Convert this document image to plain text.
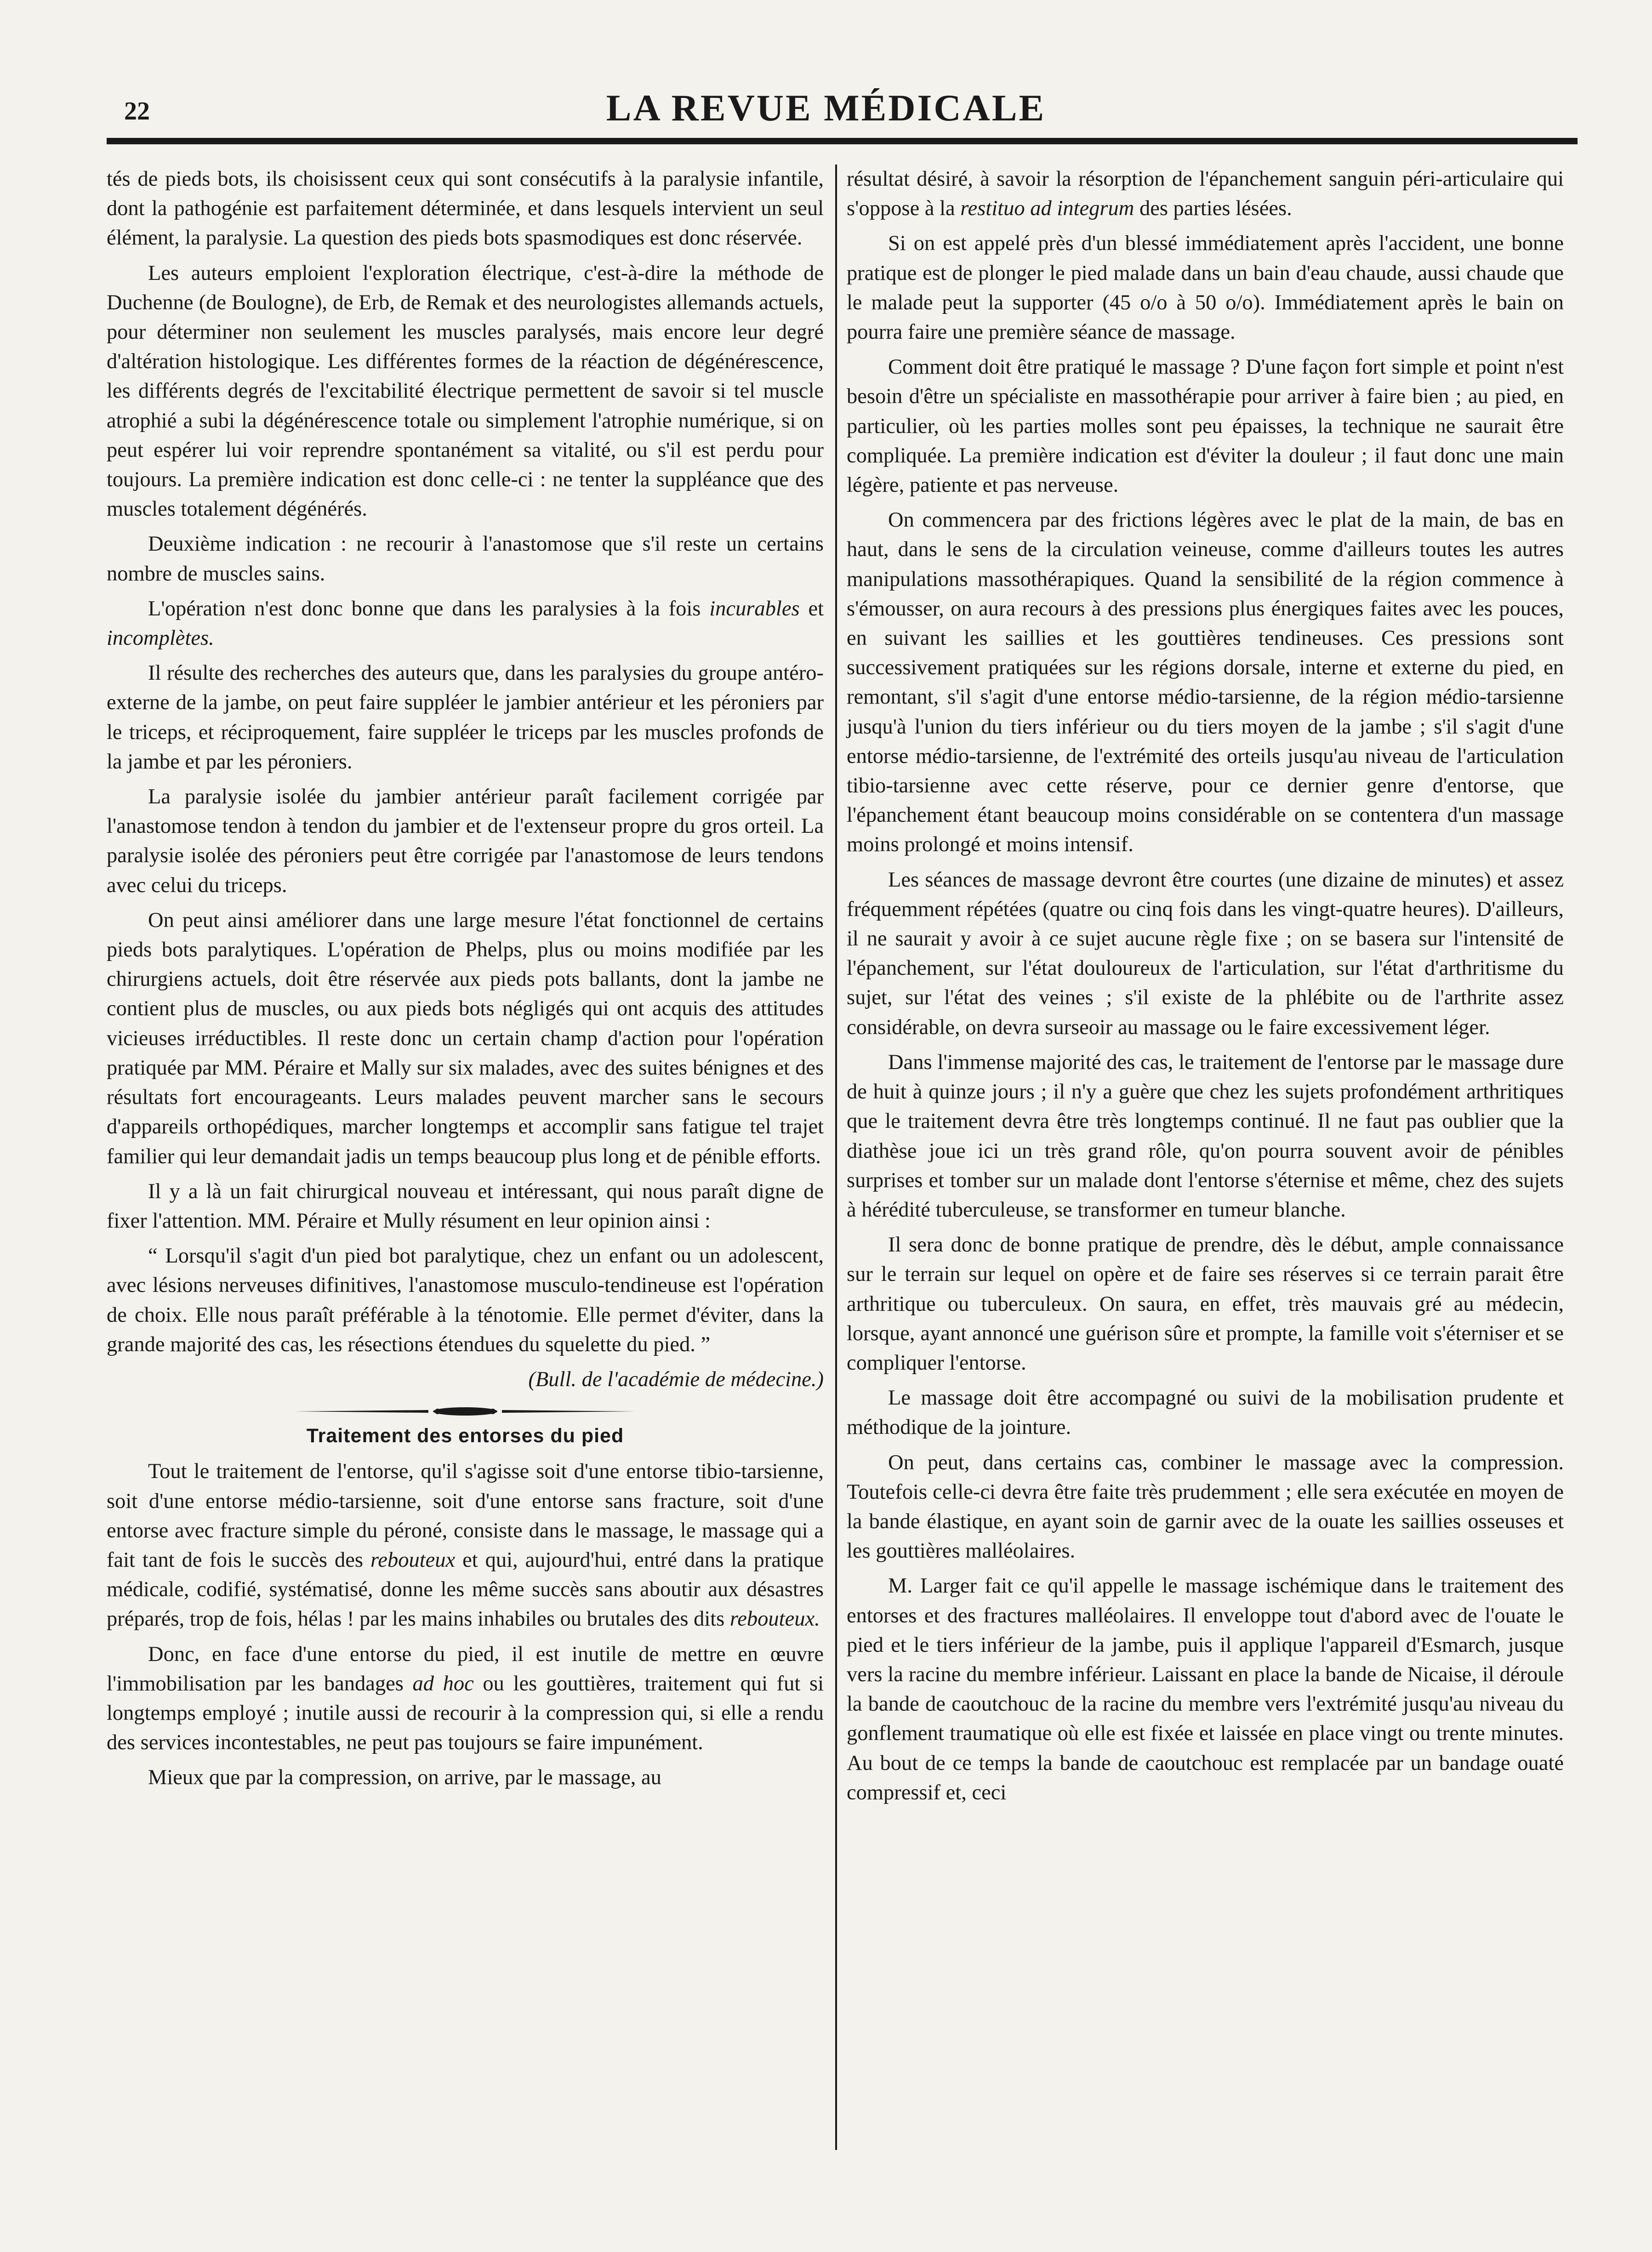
22	LA REVUE MÉDICALE

tés de pieds bots, ils choisissent ceux qui sont consécutifs à la paralysie infantile, dont la pathogénie est parfaitement déterminée, et dans lesquels intervient un seul élément, la paralysie. La question des pieds bots spasmodiques est donc réservée.

Les auteurs emploient l'exploration électrique, c'est-à-dire la méthode de Duchenne (de Boulogne), de Erb, de Remak et des neurologistes allemands actuels, pour déterminer non seulement les muscles paralysés, mais encore leur degré d'altération histologique. Les différentes formes de la réaction de dégénérescence, les différents degrés de l'excitabilité électrique permettent de savoir si tel muscle atrophié a subi la dégénérescence totale ou simplement l'atrophie numérique, si on peut espérer lui voir reprendre spontanément sa vitalité, ou s'il est perdu pour toujours. La première indication est donc celle-ci : ne tenter la suppléance que des muscles totalement dégénérés.

Deuxième indication : ne recourir à l'anastomose que s'il reste un certains nombre de muscles sains.

L'opération n'est donc bonne que dans les paralysies à la fois incurables et incomplètes.

Il résulte des recherches des auteurs que, dans les paralysies du groupe antéro-externe de la jambe, on peut faire suppléer le jambier antérieur et les péroniers par le triceps, et réciproquement, faire suppléer le triceps par les muscles profonds de la jambe et par les péroniers.

La paralysie isolée du jambier antérieur paraît facilement corrigée par l'anastomose tendon à tendon du jambier et de l'extenseur propre du gros orteil. La paralysie isolée des péroniers peut être corrigée par l'anastomose de leurs tendons avec celui du triceps.

On peut ainsi améliorer dans une large mesure l'état fonctionnel de certains pieds bots paralytiques. L'opération de Phelps, plus ou moins modifiée par les chirurgiens actuels, doit être réservée aux pieds pots ballants, dont la jambe ne contient plus de muscles, ou aux pieds bots négligés qui ont acquis des attitudes vicieuses irréductibles. Il reste donc un certain champ d'action pour l'opération pratiquée par MM. Péraire et Mally sur six malades, avec des suites bénignes et des résultats fort encourageants. Leurs malades peuvent marcher sans le secours d'appareils orthopédiques, marcher longtemps et accomplir sans fatigue tel trajet familier qui leur demandait jadis un temps beaucoup plus long et de pénible efforts.

Il y a là un fait chirurgical nouveau et intéressant, qui nous paraît digne de fixer l'attention. MM. Péraire et Mully résument en leur opinion ainsi :

“ Lorsqu'il s'agit d'un pied bot paralytique, chez un enfant ou un adolescent, avec lésions nerveuses difinitives, l'anastomose musculo-tendineuse est l'opération de choix. Elle nous paraît préférable à la ténotomie. Elle permet d'éviter, dans la grande majorité des cas, les résections étendues du squelette du pied. ”

(Bull. de l'académie de médecine.)

Traitement des entorses du pied

Tout le traitement de l'entorse, qu'il s'agisse soit d'une entorse tibio-tarsienne, soit d'une entorse médio-tarsienne, soit d'une entorse sans fracture, soit d'une entorse avec fracture simple du péroné, consiste dans le massage, le massage qui a fait tant de fois le succès des rebouteux et qui, aujourd'hui, entré dans la pratique médicale, codifié, systématisé, donne les même succès sans aboutir aux désastres préparés, trop de fois, hélas ! par les mains inhabiles ou brutales des dits rebouteux.

Donc, en face d'une entorse du pied, il est inutile de mettre en œuvre l'immobilisation par les bandages ad hoc ou les gouttières, traitement qui fut si longtemps employé ; inutile aussi de recourir à la compression qui, si elle a rendu des services incontestables, ne peut pas toujours se faire impunément.

Mieux que par la compression, on arrive, par le massage, au

résultat désiré, à savoir la résorption de l'épanchement sanguin péri-articulaire qui s'oppose à la restituo ad integrum des parties lésées.

Si on est appelé près d'un blessé immédiatement après l'accident, une bonne pratique est de plonger le pied malade dans un bain d'eau chaude, aussi chaude que le malade peut la supporter (45 o/o à 50 o/o). Immédiatement après le bain on pourra faire une première séance de massage.

Comment doit être pratiqué le massage ? D'une façon fort simple et point n'est besoin d'être un spécialiste en massothérapie pour arriver à faire bien ; au pied, en particulier, où les parties molles sont peu épaisses, la technique ne saurait être compliquée. La première indication est d'éviter la douleur ; il faut donc une main légère, patiente et pas nerveuse.

On commencera par des frictions légères avec le plat de la main, de bas en haut, dans le sens de la circulation veineuse, comme d'ailleurs toutes les autres manipulations massothérapiques. Quand la sensibilité de la région commence à s'émousser, on aura recours à des pressions plus énergiques faites avec les pouces, en suivant les saillies et les gouttières tendineuses. Ces pressions sont successivement pratiquées sur les régions dorsale, interne et externe du pied, en remontant, s'il s'agit d'une entorse médio-tarsienne, de la région médio-tarsienne jusqu'à l'union du tiers inférieur ou du tiers moyen de la jambe ; s'il s'agit d'une entorse médio-tarsienne, de l'extrémité des orteils jusqu'au niveau de l'articulation tibio-tarsienne avec cette réserve, pour ce dernier genre d'entorse, que l'épanchement étant beaucoup moins considérable on se contentera d'un massage moins prolongé et moins intensif.

Les séances de massage devront être courtes (une dizaine de minutes) et assez fréquemment répétées (quatre ou cinq fois dans les vingt-quatre heures). D'ailleurs, il ne saurait y avoir à ce sujet aucune règle fixe ; on se basera sur l'intensité de l'épanchement, sur l'état douloureux de l'articulation, sur l'état d'arthritisme du sujet, sur l'état des veines ; s'il existe de la phlébite ou de l'arthrite assez considérable, on devra surseoir au massage ou le faire excessivement léger.

Dans l'immense majorité des cas, le traitement de l'entorse par le massage dure de huit à quinze jours ; il n'y a guère que chez les sujets profondément arthritiques que le traitement devra être très longtemps continué. Il ne faut pas oublier que la diathèse joue ici un très grand rôle, qu'on pourra souvent avoir de pénibles surprises et tomber sur un malade dont l'entorse s'éternise et même, chez des sujets à hérédité tuberculeuse, se transformer en tumeur blanche.

Il sera donc de bonne pratique de prendre, dès le début, ample connaissance sur le terrain sur lequel on opère et de faire ses réserves si ce terrain parait être arthritique ou tuberculeux. On saura, en effet, très mauvais gré au médecin, lorsque, ayant annoncé une guérison sûre et prompte, la famille voit s'éterniser et se compliquer l'entorse.

Le massage doit être accompagné ou suivi de la mobilisation prudente et méthodique de la jointure.

On peut, dans certains cas, combiner le massage avec la compression. Toutefois celle-ci devra être faite très prudemment ; elle sera exécutée en moyen de la bande élastique, en ayant soin de garnir avec de la ouate les saillies osseuses et les gouttières malléolaires.

M. Larger fait ce qu'il appelle le massage ischémique dans le traitement des entorses et des fractures malléolaires. Il enveloppe tout d'abord avec de l'ouate le pied et le tiers inférieur de la jambe, puis il applique l'appareil d'Esmarch, jusque vers la racine du membre inférieur. Laissant en place la bande de Nicaise, il déroule la bande de caoutchouc de la racine du membre vers l'extrémité jusqu'au niveau du gonflement traumatique où elle est fixée et laissée en place vingt ou trente minutes. Au bout de ce temps la bande de caoutchouc est remplacée par un bandage ouaté compressif et, ceci
